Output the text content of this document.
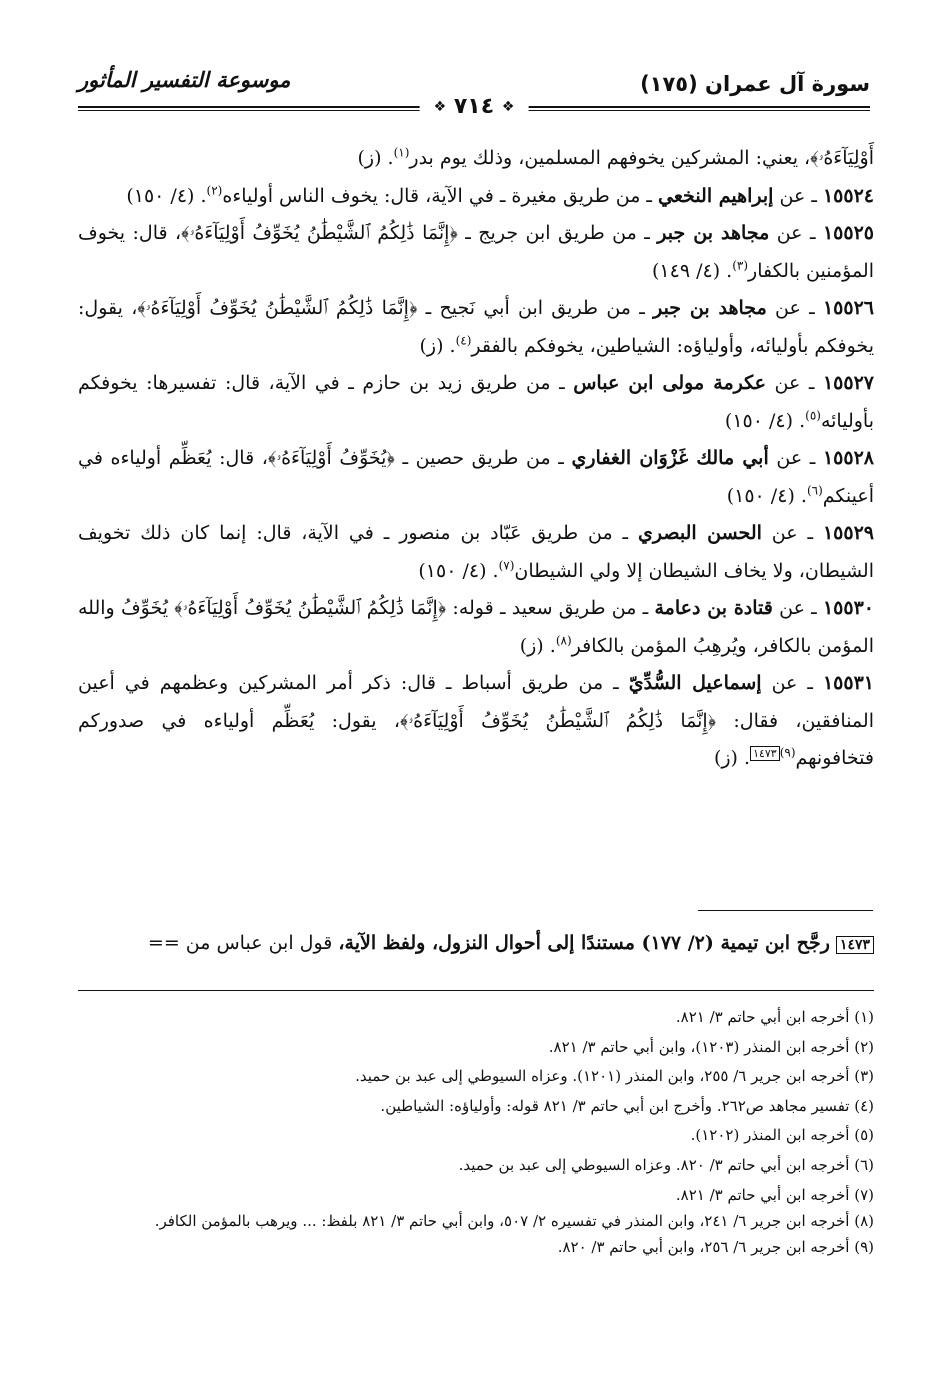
سورة آل عمران (١٧٥)
موسوعة التفسير المأثور
❖ ٧١٤ ❖

أَوْلِيَآءَهُۥ﴾، يعني: المشركين يخوفهم المسلمين، وذلك يوم بدر$^{(١)}$. (ز)

١٥٥٢٤ ـ عن إبراهيم النخعي ـ من طريق مغيرة ـ في الآية، قال: يخوف الناس أولياءه$^{(٢)}$. (٤/ ١٥٠)

١٥٥٢٥ ـ عن مجاهد بن جبر ـ من طريق ابن جريج ـ ﴿إِنَّمَا ذَٰلِكُمُ ٱلشَّيْطَٰنُ يُخَوِّفُ أَوْلِيَآءَهُۥ﴾، قال: يخوف المؤمنين بالكفار$^{(٣)}$. (٤/ ١٤٩)

١٥٥٢٦ ـ عن مجاهد بن جبر ـ من طريق ابن أبي نَجيح ـ ﴿إِنَّمَا ذَٰلِكُمُ ٱلشَّيْطَٰنُ يُخَوِّفُ أَوْلِيَآءَهُۥ﴾، يقول: يخوفكم بأوليائه، وأولياؤه: الشياطين، يخوفكم بالفقر$^{(٤)}$. (ز)

١٥٥٢٧ ـ عن عكرمة مولى ابن عباس ـ من طريق زيد بن حازم ـ في الآية، قال: تفسيرها: يخوفكم بأوليائه$^{(٥)}$. (٤/ ١٥٠)

١٥٥٢٨ ـ عن أبي مالك غَزْوَان الغفاري ـ من طريق حصين ـ ﴿يُخَوِّفُ أَوْلِيَآءَهُۥ﴾، قال: يُعَظِّم أولياءه في أعينكم$^{(٦)}$. (٤/ ١٥٠)

١٥٥٢٩ ـ عن الحسن البصري ـ من طريق عَبّاد بن منصور ـ في الآية، قال: إنما كان ذلك تخويف الشيطان، ولا يخاف الشيطان إلا ولي الشيطان$^{(٧)}$. (٤/ ١٥٠)

١٥٥٣٠ ـ عن قتادة بن دعامة ـ من طريق سعيد ـ قوله: ﴿إِنَّمَا ذَٰلِكُمُ ٱلشَّيْطَٰنُ يُخَوِّفُ أَوْلِيَآءَهُۥ﴾ يُخَوِّفُ والله المؤمن بالكافر، ويُرهِبُ المؤمن بالكافر$^{(٨)}$. (ز)

١٥٥٣١ ـ عن إسماعيل السُّدِّيّ ـ من طريق أسباط ـ قال: ذكر أمر المشركين وعظمهم في أعين المنافقين، فقال: ﴿إِنَّمَا ذَٰلِكُمُ ٱلشَّيْطَٰنُ يُخَوِّفُ أَوْلِيَآءَهُۥ﴾، يقول: يُعَظِّم أولياءه في صدوركم فتخافونهم$^{(٩)١٤٧٣}$. (ز)

١٤٧٣ رجَّح ابن تيمية (٢/ ١٧٧) مستندًا إلى أحوال النزول، ولفظ الآية، قول ابن عباس من ==

(١) أخرجه ابن أبي حاتم ٣/ ٨٢١.

(٢) أخرجه ابن المنذر (١٢٠٣)، وابن أبي حاتم ٣/ ٨٢١.

(٣) أخرجه ابن جرير ٦/ ٢٥٥، وابن المنذر (١٢٠١). وعزاه السيوطي إلى عبد بن حميد.

(٤) تفسير مجاهد ص٢٦٢. وأخرج ابن أبي حاتم ٣/ ٨٢١ قوله: وأولياؤه: الشياطين.

(٥) أخرجه ابن المنذر (١٢٠٢).

(٦) أخرجه ابن أبي حاتم ٣/ ٨٢٠. وعزاه السيوطي إلى عبد بن حميد.

(٧) أخرجه ابن أبي حاتم ٣/ ٨٢١.

(٨) أخرجه ابن جرير ٦/ ٢٤١، وابن المنذر في تفسيره ٢/ ٥٠٧، وابن أبي حاتم ٣/ ٨٢١ بلفظ: ... ويرهب بالمؤمن الكافر.

(٩) أخرجه ابن جرير ٦/ ٢٥٦، وابن أبي حاتم ٣/ ٨٢٠.
